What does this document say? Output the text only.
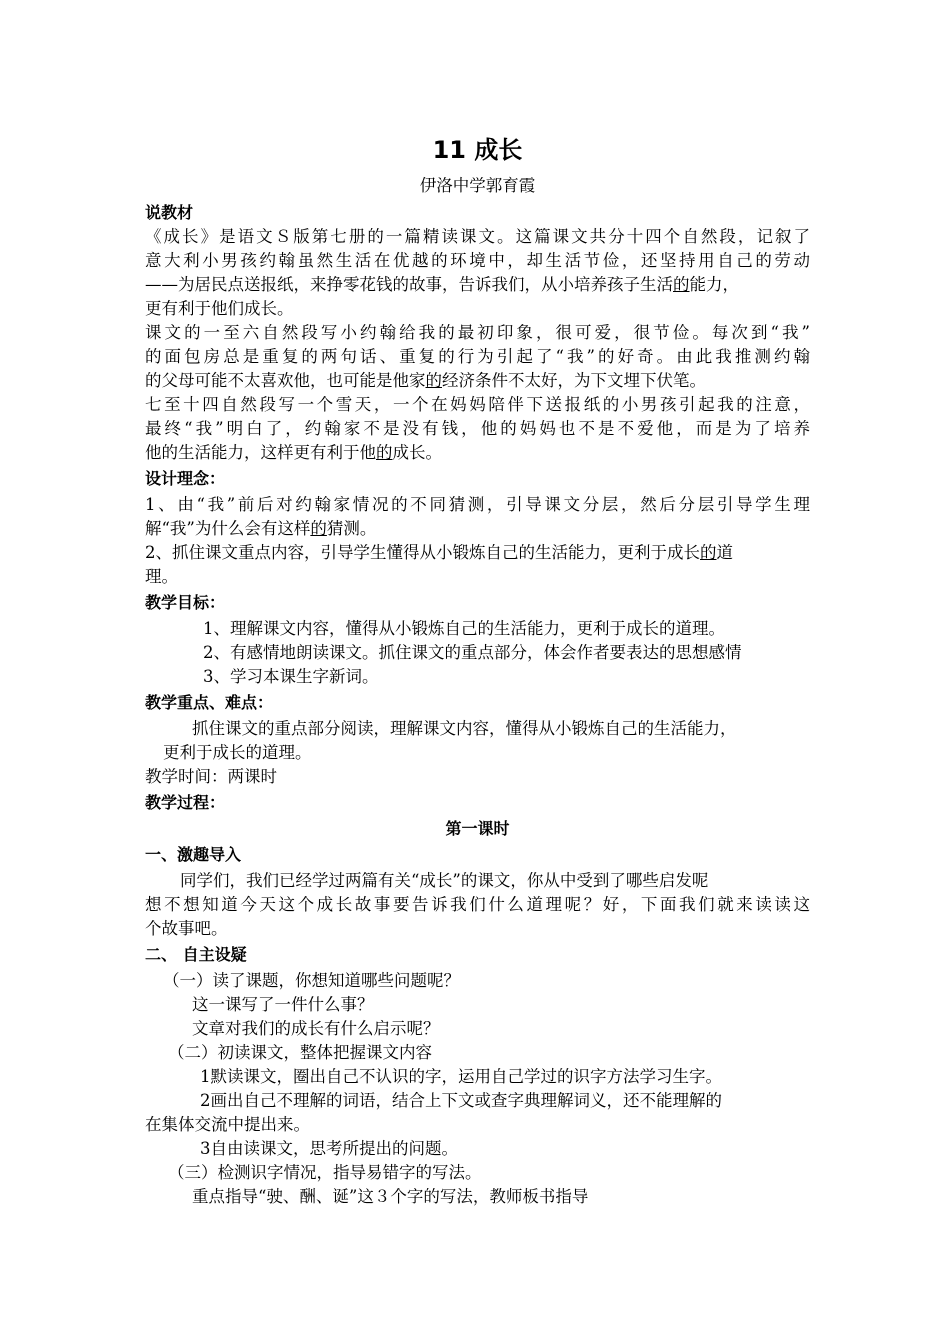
11 成长
伊洛中学郭育霞
说教材
《成长》是语文Ｓ版第七册的一篇精读课文。这篇课文共分十四个自然段，记叙了
意大利小男孩约翰虽然生活在优越的环境中，却生活节俭，还坚持用自己的劳动
——为居民点送报纸，来挣零花钱的故事，告诉我们，从小培养孩子生活的能力，
更有利于他们成长。
课文的一至六自然段写小约翰给我的最初印象，很可爱，很节俭。每次到“我”
的面包房总是重复的两句话、重复的行为引起了“我”的好奇。由此我推测约翰
的父母可能不太喜欢他，也可能是他家的经济条件不太好，为下文埋下伏笔。
七至十四自然段写一个雪天，一个在妈妈陪伴下送报纸的小男孩引起我的注意，
最终“我”明白了，约翰家不是没有钱，他的妈妈也不是不爱他，而是为了培养
他的生活能力，这样更有利于他的成长。
设计理念：
1、由“我”前后对约翰家情况的不同猜测，引导课文分层，然后分层引导学生理
解“我”为什么会有这样的猜测。
2、抓住课文重点内容，引导学生懂得从小锻炼自己的生活能力，更利于成长的道
理。
教学目标：
1、理解课文内容，懂得从小锻炼自己的生活能力，更利于成长的道理。
2、有感情地朗读课文。抓住课文的重点部分，体会作者要表达的思想感情
3、学习本课生字新词。
教学重点、难点：
抓住课文的重点部分阅读，理解课文内容，懂得从小锻炼自己的生活能力，
更利于成长的道理。
教学时间：两课时
教学过程：
第一课时
一、激趣导入
同学们，我们已经学过两篇有关“成长”的课文，你从中受到了哪些启发呢
想不想知道今天这个成长故事要告诉我们什么道理呢？好，下面我们就来读读这
个故事吧。
二、 自主设疑
（一）读了课题，你想知道哪些问题呢？
这一课写了一件什么事？
文章对我们的成长有什么启示呢？
（二）初读课文，整体把握课文内容
1默读课文，圈出自己不认识的字，运用自己学过的识字方法学习生字。
2画出自己不理解的词语，结合上下文或查字典理解词义，还不能理解的
在集体交流中提出来。
3自由读课文，思考所提出的问题。
（三）检测识字情况，指导易错字的写法。
重点指导“驶、酬、诞”这３个字的写法，教师板书指导
